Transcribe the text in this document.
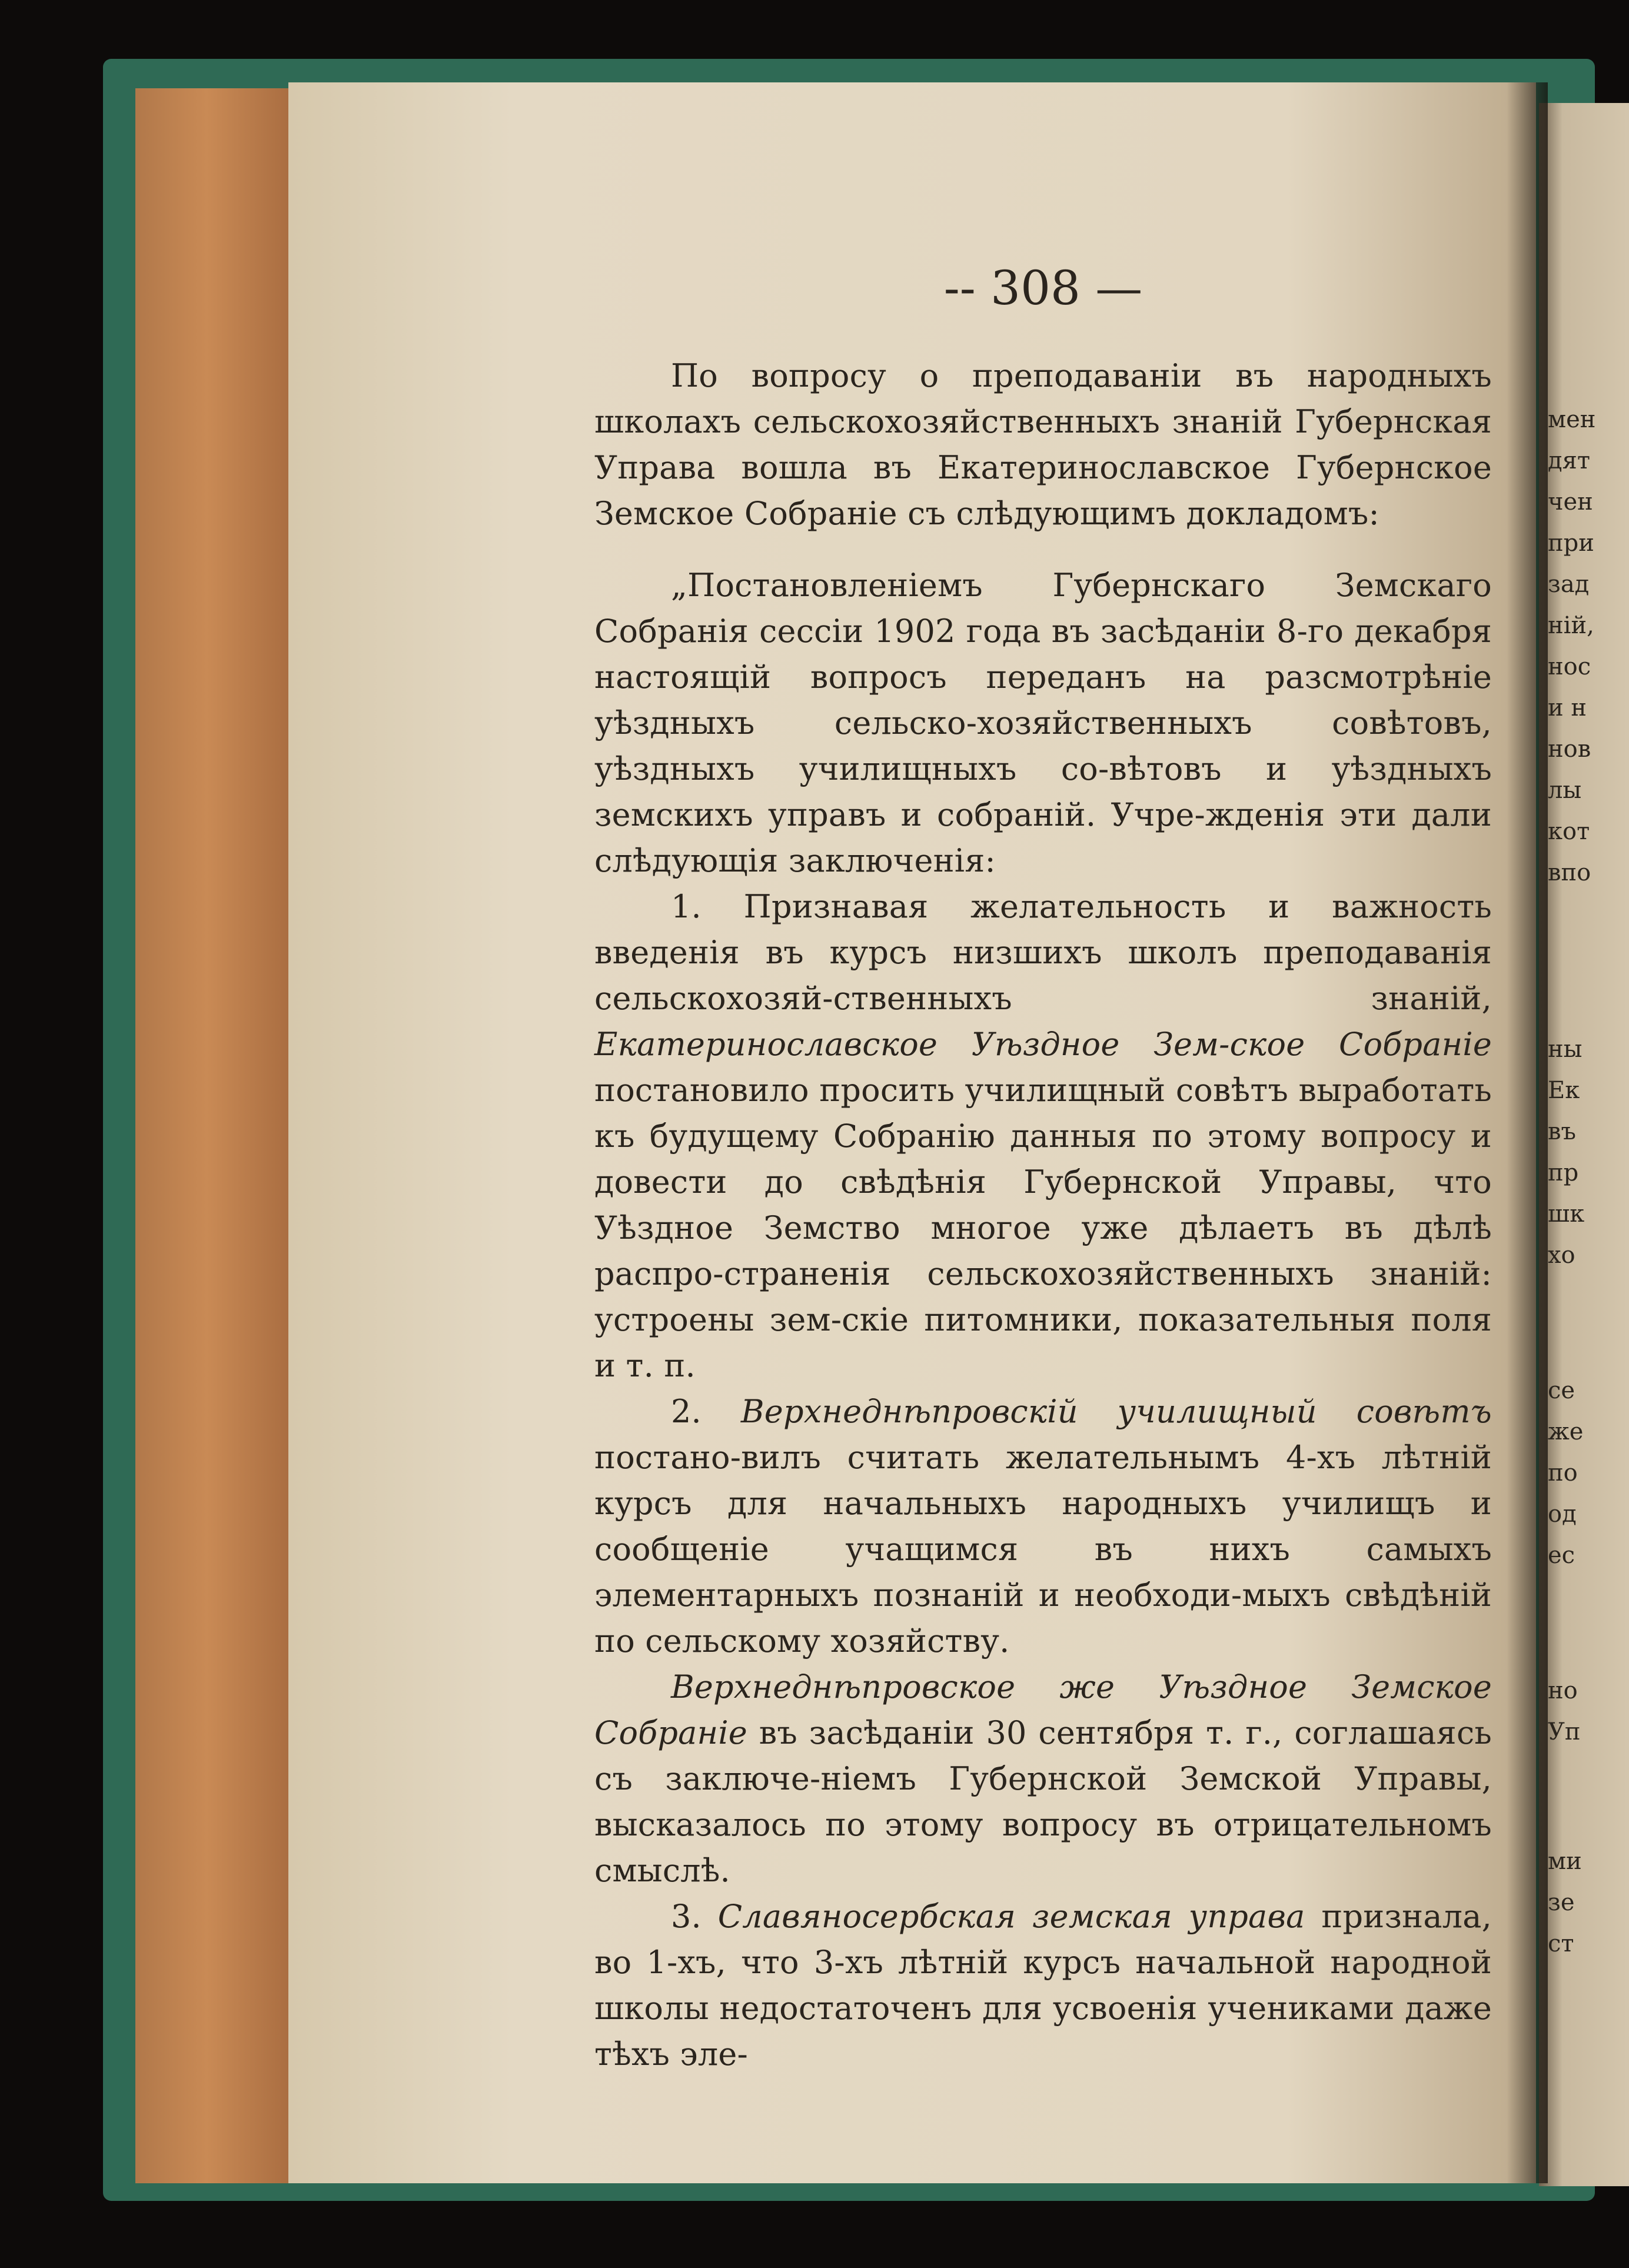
-- 308 —

По вопросу о преподаванiи въ народныхъ школахъ сельскохозяйственныхъ знанiй Губернская Управа вошла въ Екатеринославское Губернское Земское Собранiе съ слѣдующимъ докладомъ:

„Постановленiемъ Губернскаго Земскаго Собранiя сессiи 1902 года въ засѣданiи 8-го декабря настоящiй вопросъ переданъ на разсмотрѣнiе уѣздныхъ сельско-хозяйственныхъ совѣтовъ, уѣздныхъ училищныхъ со-вѣтовъ и уѣздныхъ земскихъ управъ и собранiй. Учре-жденiя эти дали слѣдующiя заключенiя:

1. Признавая желательность и важность введенiя въ курсъ низшихъ школъ преподаванiя сельскохозяй-ственныхъ знанiй, Екатеринославское Уѣздное Зем-ское Собранiе постановило просить училищный совѣтъ выработать къ будущему Собранiю данныя по этому вопросу и довести до свѣдѣнiя Губернской Управы, что Уѣздное Земство многое уже дѣлаетъ въ дѣлѣ распро-страненiя сельскохозяйственныхъ знанiй: устроены зем-скiе питомники, показательныя поля и т. п.

2. Верхнеднѣпровскiй училищный совѣтъ постано-вилъ считать желательнымъ 4-хъ лѣтнiй курсъ для начальныхъ народныхъ училищъ и сообщенiе учащимся въ нихъ самыхъ элементарныхъ познанiй и необходи-мыхъ свѣдѣнiй по сельскому хозяйству.

Верхнеднѣпровское же Уѣздное Земское Собранiе въ засѣданiи 30 сентября т. г., соглашаясь съ заключе-нiемъ Губернской Земской Управы, высказалось по этому вопросу въ отрицательномъ смыслѣ.

3. Славяносербская земская управа признала, во 1-хъ, что 3-хъ лѣтнiй курсъ начальной народной школы недостаточенъ для усвоенiя учениками даже тѣхъ эле-

мен
дят
чен
при
зад
нiй,
нос
и н
нов
лы
кот
впо
ны
Ек
въ
пр
шк
хо
се
же
по
од
ес
но
Уп
ми
зе
ст
